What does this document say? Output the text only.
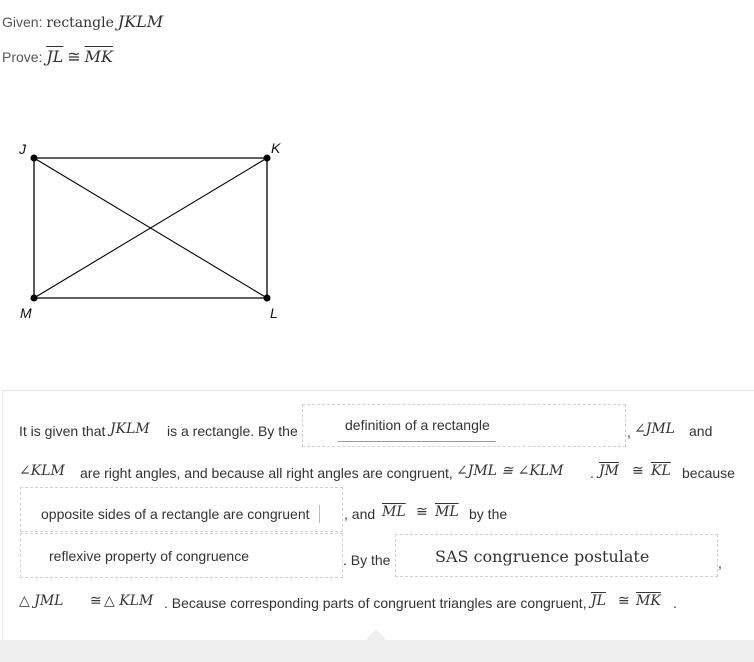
Given: rectangle JKLM
Prove: $\overline{JL}$ ≅ $\overline{MK}$
J	K
L
M
It is given that JKLM is a rectangle. By the	definition of a rectangle	, ∠JML and
∠KLM are right angles, and because all right angles are congruent, ∠JML ≅ ∠KLM . $\overline{JM}$ ≅ $\overline{KL}$ because
opposite sides of a rectangle are congruent , and $\overline{ML}$ ≅ $\overline{ML}$ by the
reflexive property of congruence	. By the	SAS congruence postulate	,
△ JML ≅ △ KLM . Because corresponding parts of congruent triangles are congruent, $\overline{JL}$ ≅ $\overline{MK}$ .
